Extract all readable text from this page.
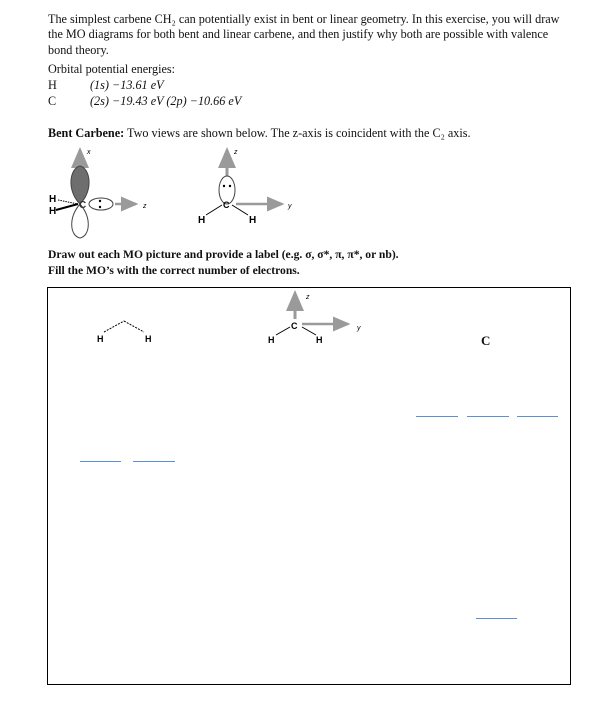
The simplest carbene CH₂ can potentially exist in bent or linear geometry. In this exercise, you will draw

the MO diagrams for both bent and linear carbene, and then justify why both are possible with valence

bond theory.

Orbital potential energies:
H	(1s) −13.61 eV
C	(2s) −19.43 eV (2p) −10.66 eV
Bent Carbene: Two views are shown below. The z-axis is coincident with the C₂ axis.
x
z
H
H
C
z
y
C
H	H
Draw out each MO picture and provide a label (e.g. σ, σ*, π, π*, or nb).
Fill the MO’s with the correct number of electrons.
H	H
z
y
C
H	H	C
